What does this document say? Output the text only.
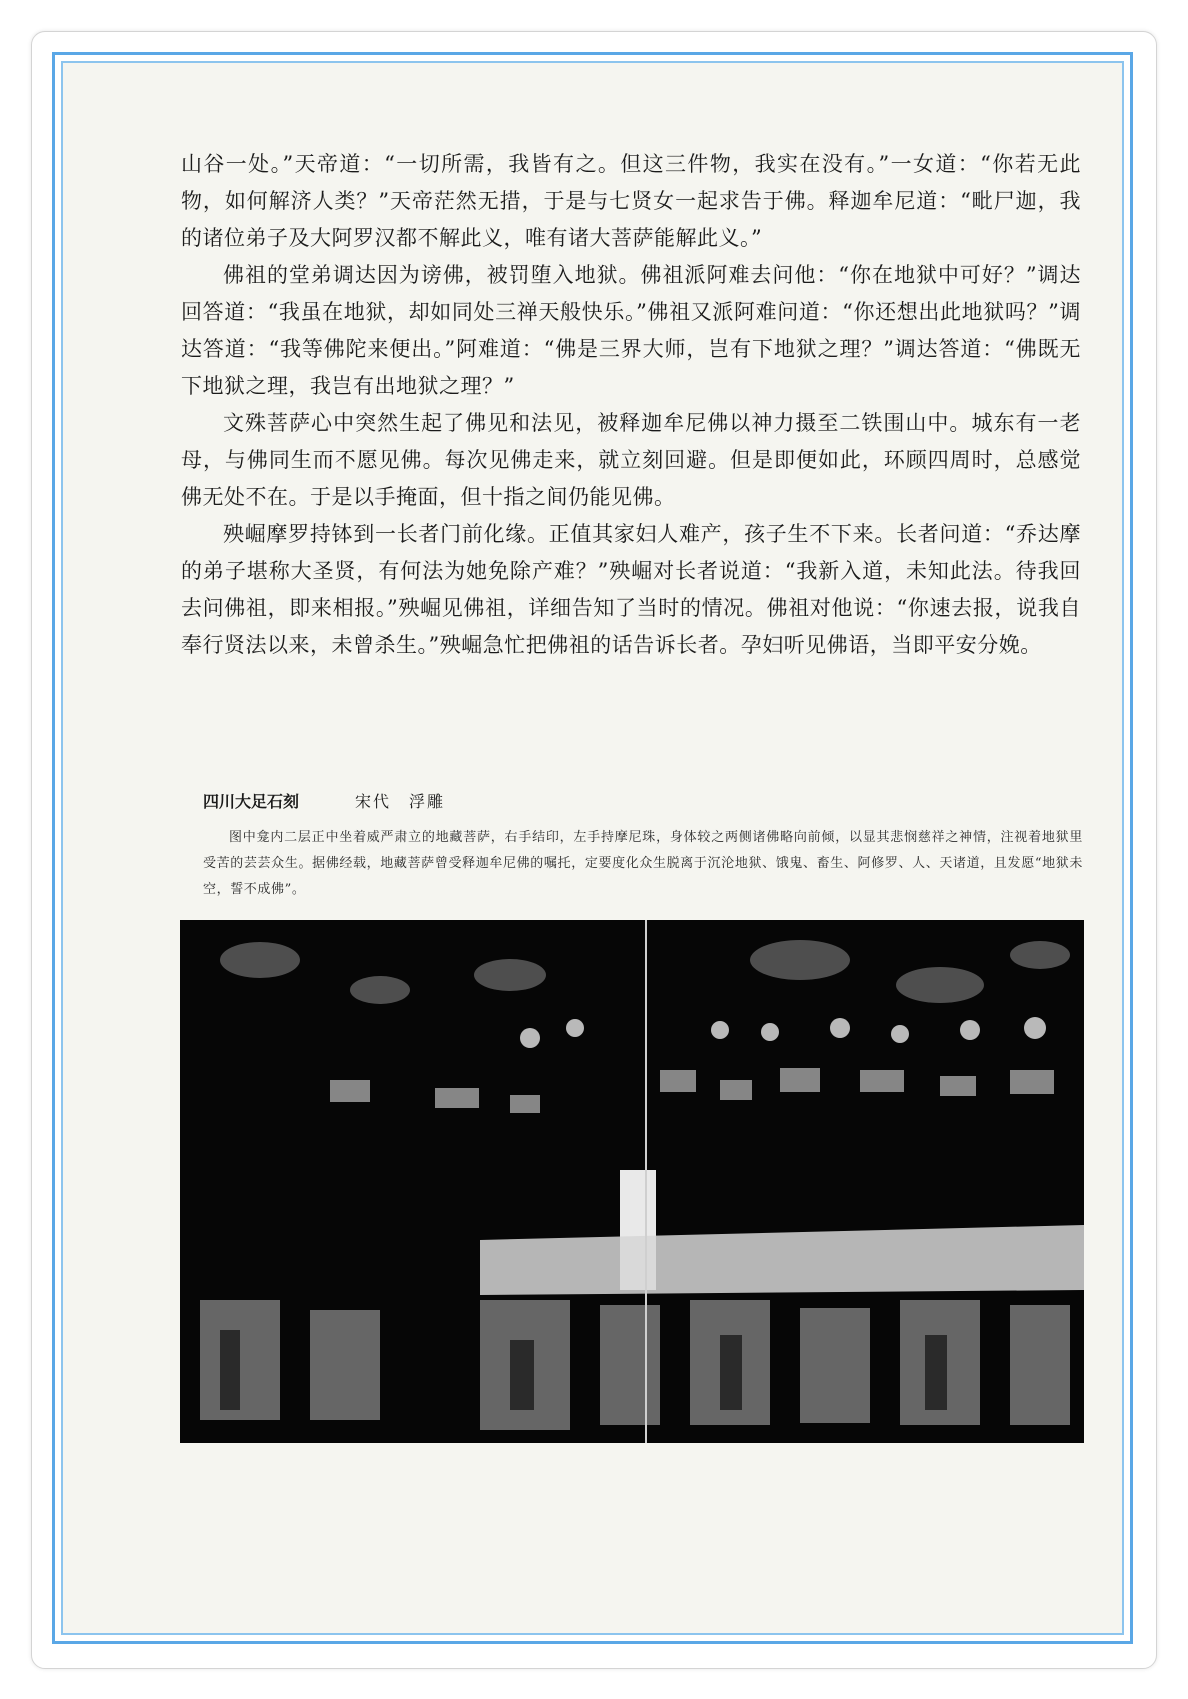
山谷一处。”天帝道：“一切所需，我皆有之。但这三件物，我实在没有。”一女道：“你若无此物，如何解济人类？”天帝茫然无措，于是与七贤女一起求告于佛。释迦牟尼道：“毗尸迦，我的诸位弟子及大阿罗汉都不解此义，唯有诸大菩萨能解此义。”

佛祖的堂弟调达因为谤佛，被罚堕入地狱。佛祖派阿难去问他：“你在地狱中可好？”调达回答道：“我虽在地狱，却如同处三禅天般快乐。”佛祖又派阿难问道：“你还想出此地狱吗？”调达答道：“我等佛陀来便出。”阿难道：“佛是三界大师，岂有下地狱之理？”调达答道：“佛既无下地狱之理，我岂有出地狱之理？”

文殊菩萨心中突然生起了佛见和法见，被释迦牟尼佛以神力摄至二铁围山中。城东有一老母，与佛同生而不愿见佛。每次见佛走来，就立刻回避。但是即便如此，环顾四周时，总感觉佛无处不在。于是以手掩面，但十指之间仍能见佛。

殃崛摩罗持钵到一长者门前化缘。正值其家妇人难产，孩子生不下来。长者问道：“乔达摩的弟子堪称大圣贤，有何法为她免除产难？”殃崛对长者说道：“我新入道，未知此法。待我回去问佛祖，即来相报。”殃崛见佛祖，详细告知了当时的情况。佛祖对他说：“你速去报，说我自奉行贤法以来，未曾杀生。”殃崛急忙把佛祖的话告诉长者。孕妇听见佛语，当即平安分娩。

四川大足石刻	宋代　浮雕

图中龛内二层正中坐着威严肃立的地藏菩萨，右手结印，左手持摩尼珠，身体较之两侧诸佛略向前倾，以显其悲悯慈祥之神情，注视着地狱里受苦的芸芸众生。据佛经载，地藏菩萨曾受释迦牟尼佛的嘱托，定要度化众生脱离于沉沦地狱、饿鬼、畜生、阿修罗、人、天诸道，且发愿“地狱未空，誓不成佛”。
